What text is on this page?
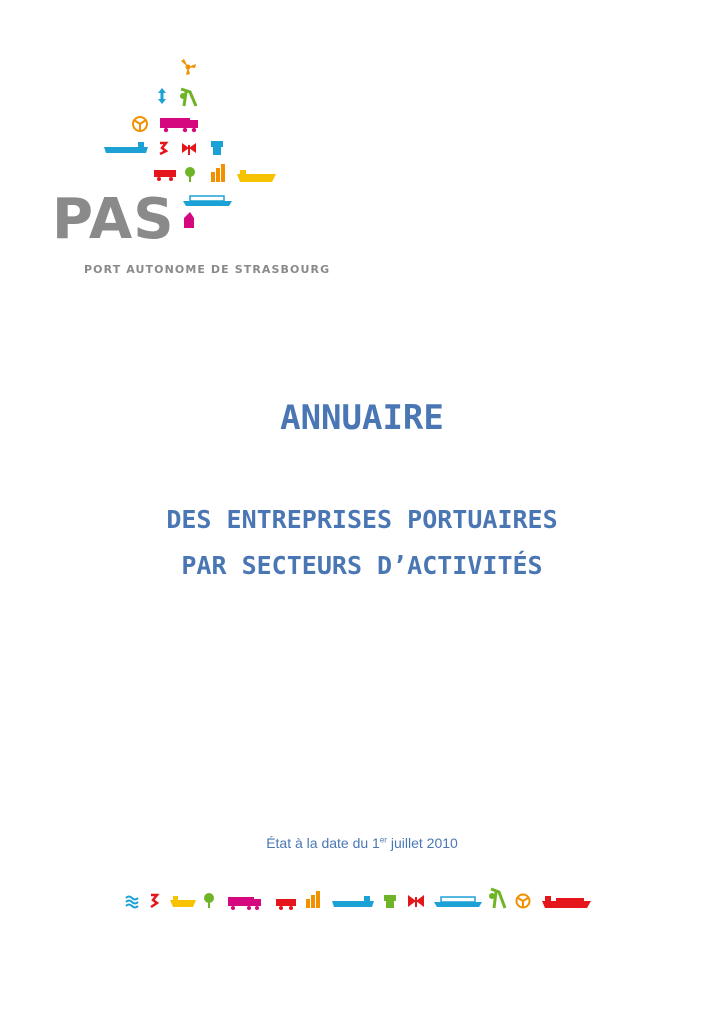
PAS
PORT AUTONOME DE STRASBOURG
ANNUAIRE
DES ENTREPRISES PORTUAIRES
PAR SECTEURS D’ACTIVITÉS
État à la date du 1er juillet 2010
